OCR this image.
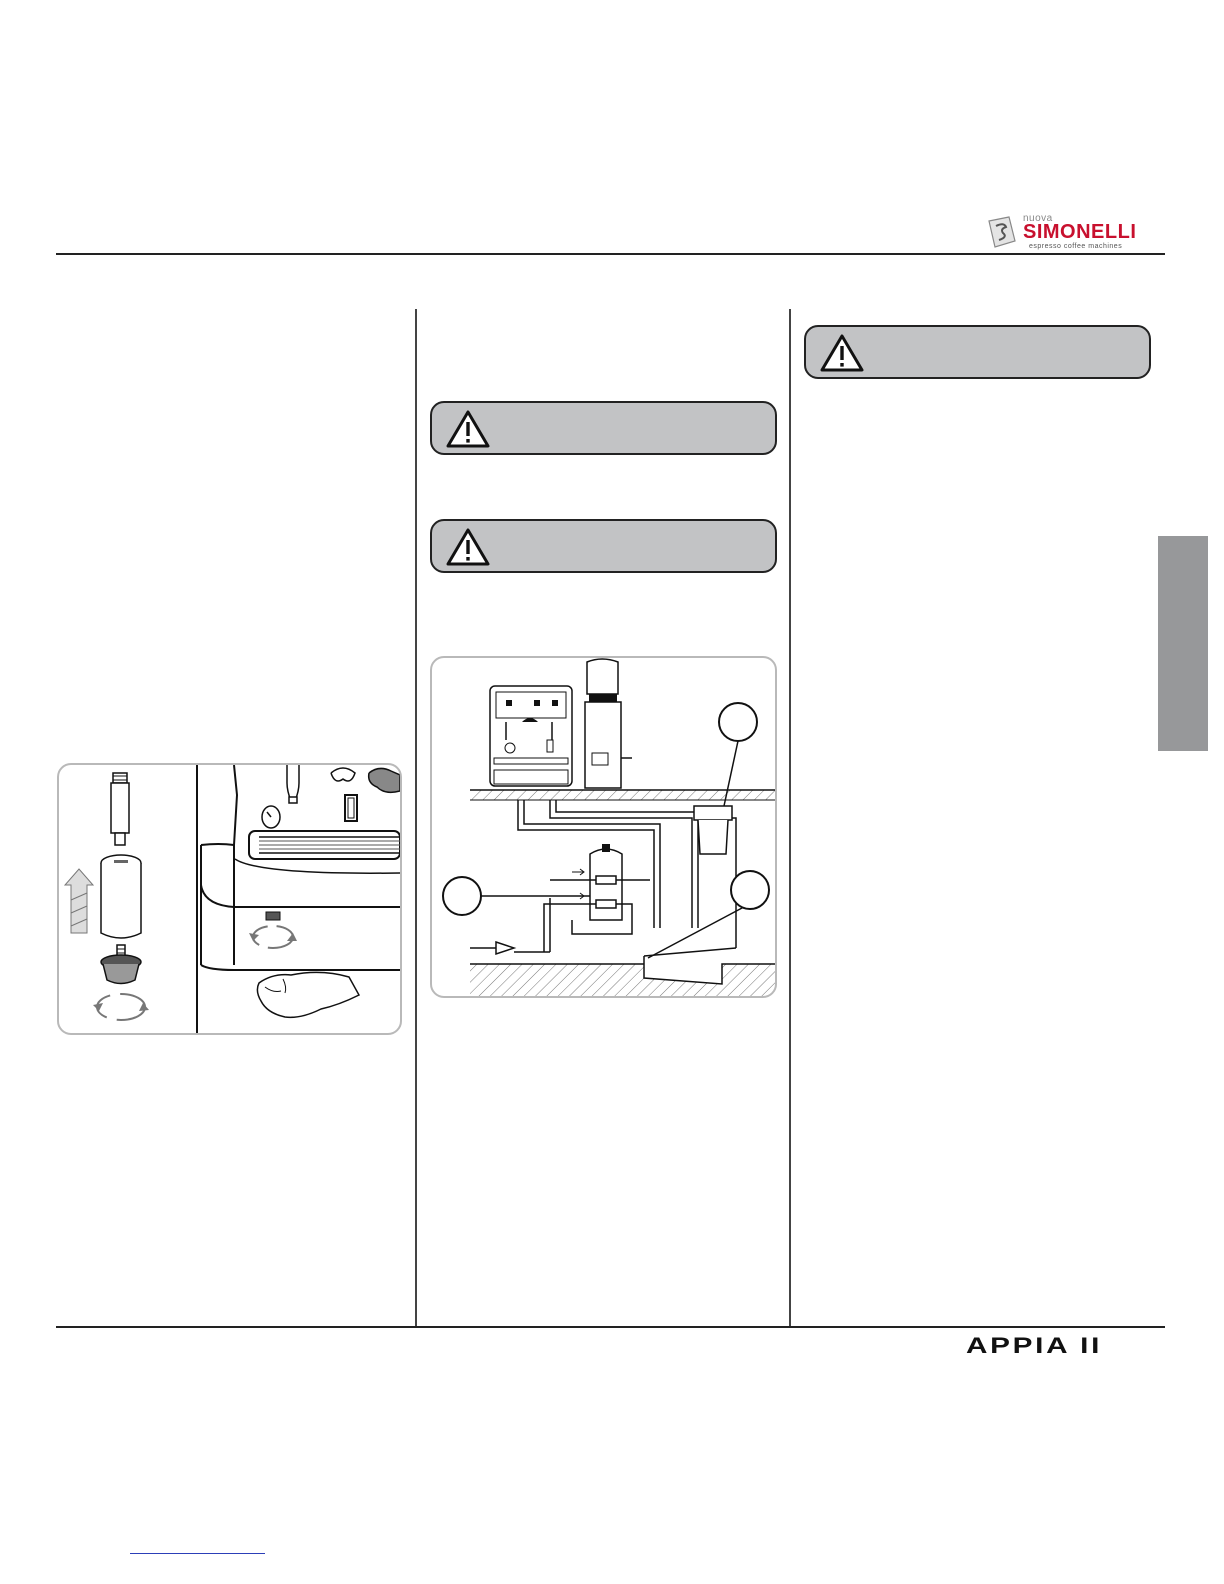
nuova
SIMONELLI
espresso coffee machines
APPIA II
